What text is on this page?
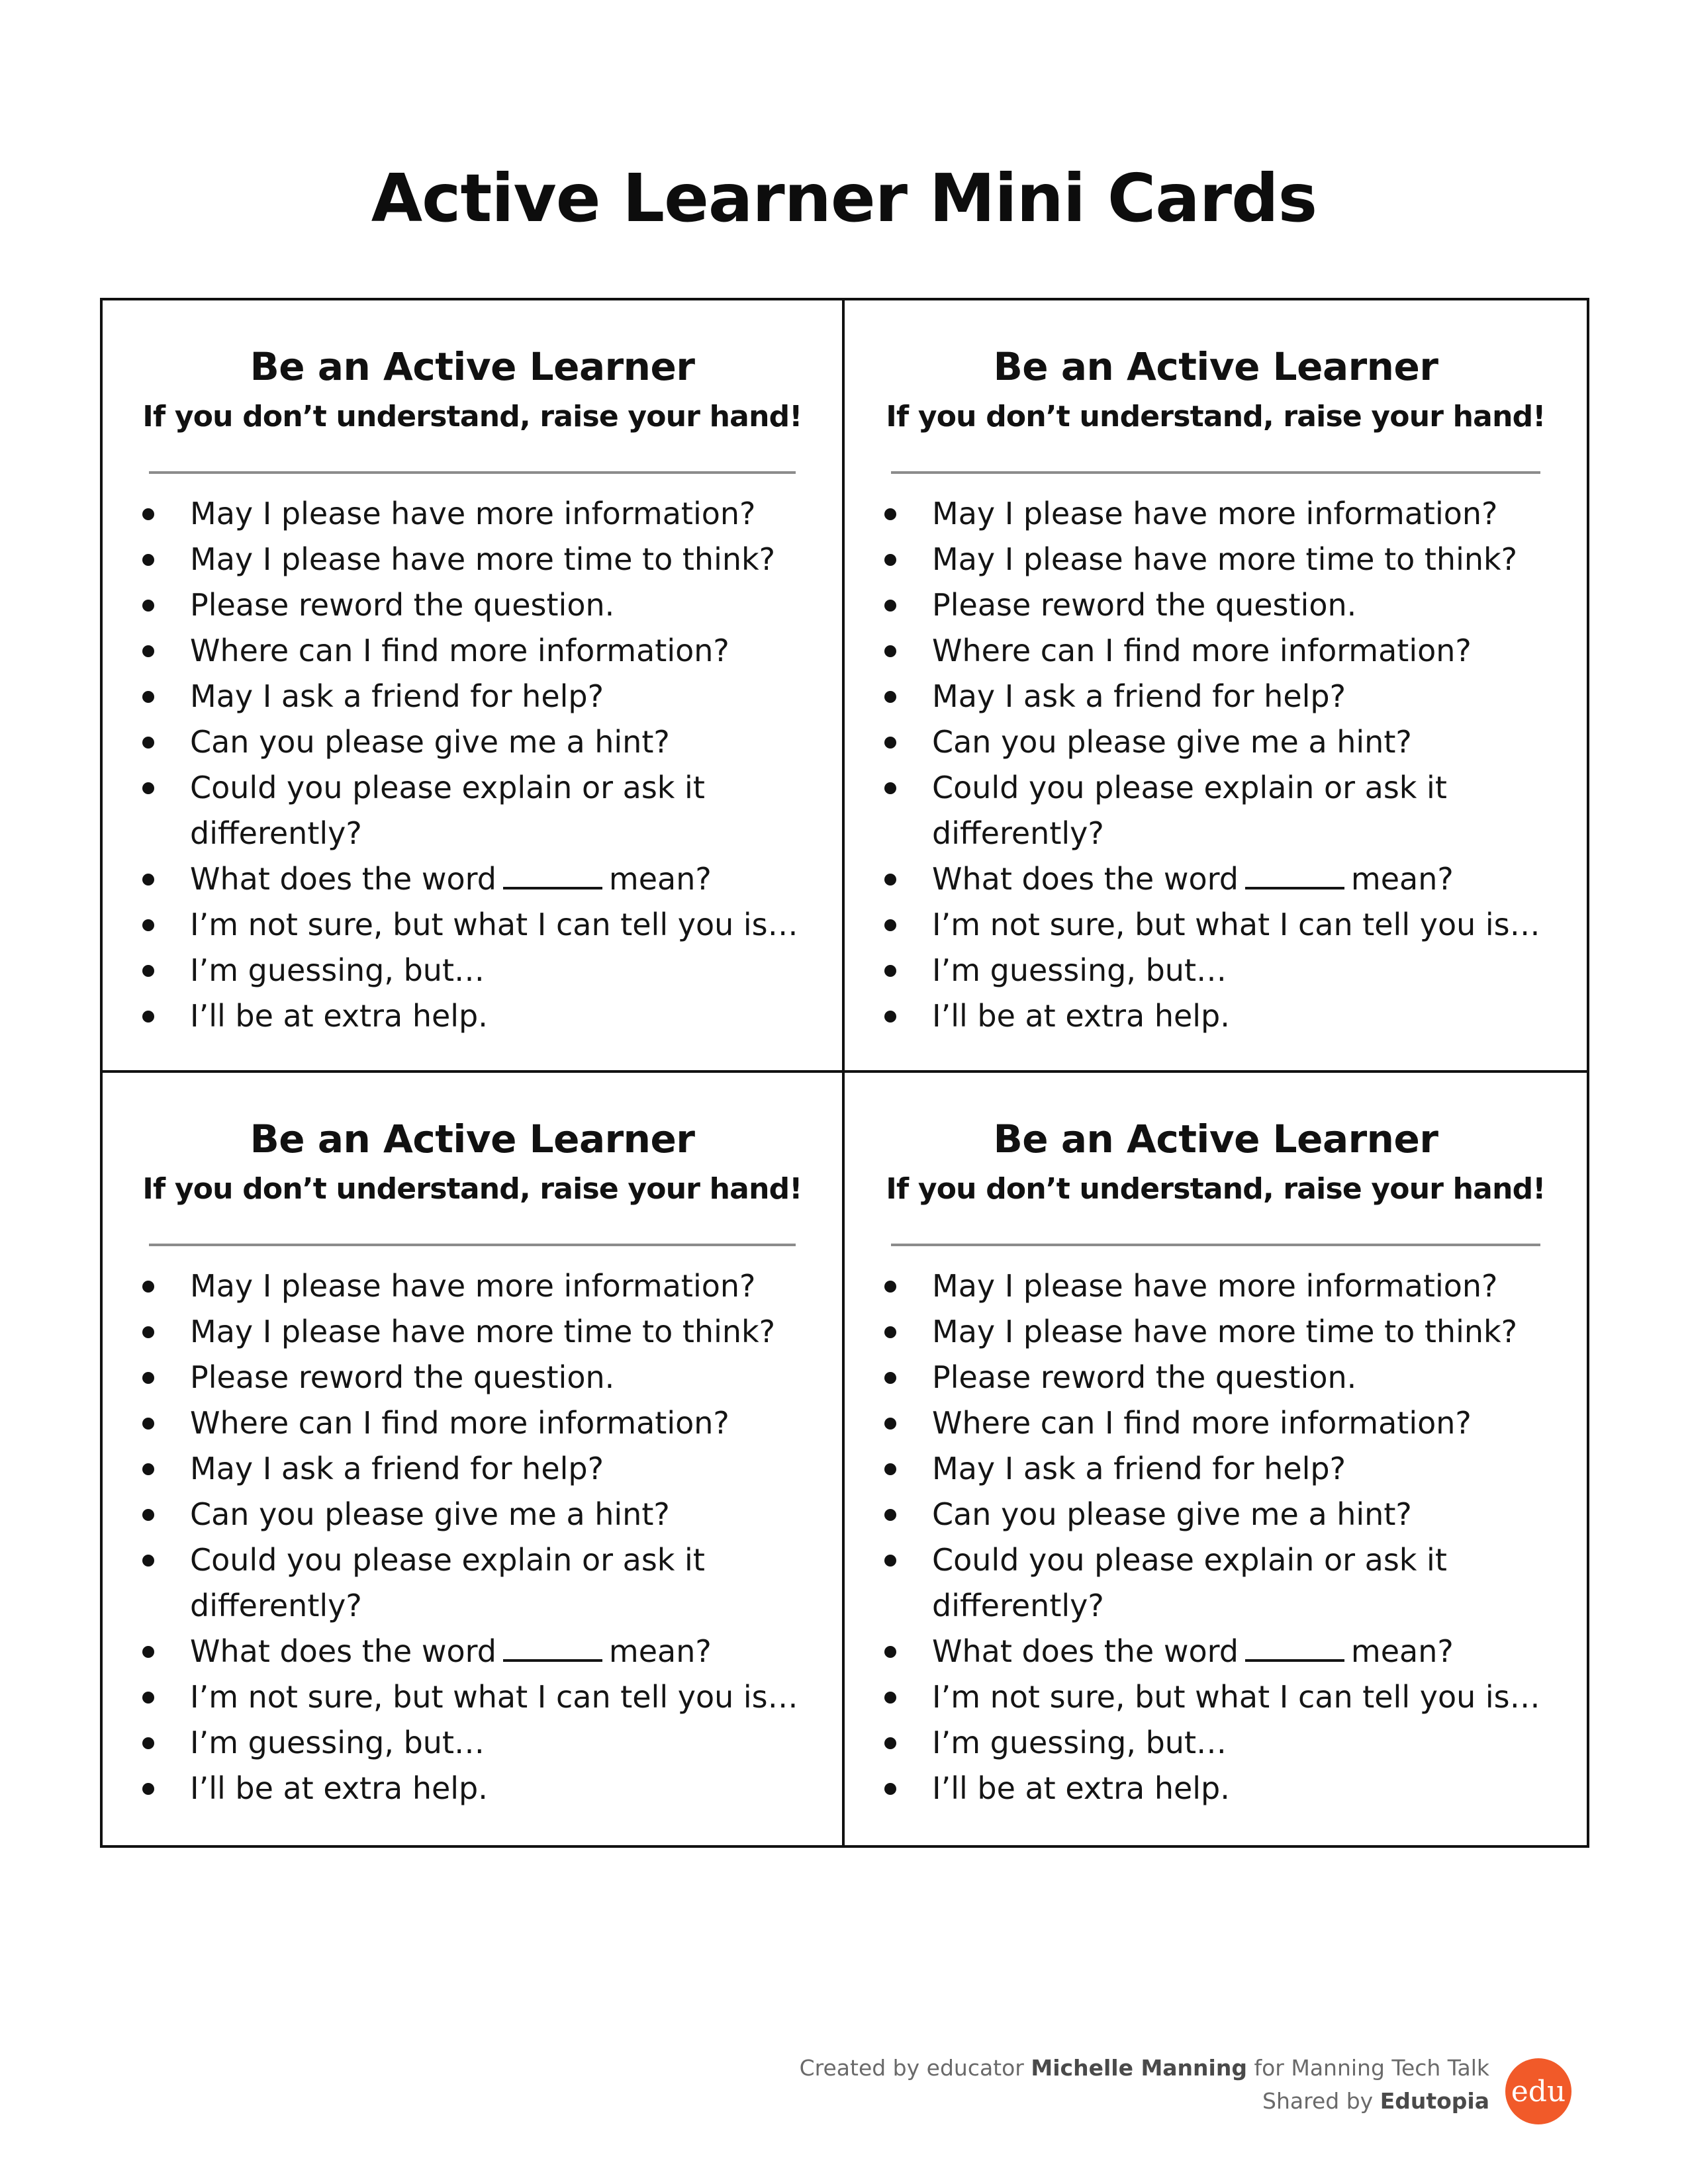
Active Learner Mini Cards
Be an Active Learner
If you don’t understand, raise your hand!
May I please have more information?
May I please have more time to think?
Please reword the question.
Where can I find more information?
May I ask a friend for help?
Can you please give me a hint?
Could you please explain or ask it
differently?
What does the word	mean?
I’m not sure, but what I can tell you is…
I’m guessing, but…
I’ll be at extra help.
Be an Active Learner
If you don’t understand, raise your hand!
May I please have more information?
May I please have more time to think?
Please reword the question.
Where can I find more information?
May I ask a friend for help?
Can you please give me a hint?
Could you please explain or ask it
differently?
What does the word	mean?
I’m not sure, but what I can tell you is…
I’m guessing, but…
I’ll be at extra help.
Be an Active Learner
If you don’t understand, raise your hand!
May I please have more information?
May I please have more time to think?
Please reword the question.
Where can I find more information?
May I ask a friend for help?
Can you please give me a hint?
Could you please explain or ask it
differently?
What does the word	mean?
I’m not sure, but what I can tell you is…
I’m guessing, but…
I’ll be at extra help.
Be an Active Learner
If you don’t understand, raise your hand!
May I please have more information?
May I please have more time to think?
Please reword the question.
Where can I find more information?
May I ask a friend for help?
Can you please give me a hint?
Could you please explain or ask it
differently?
What does the word	mean?
I’m not sure, but what I can tell you is…
I’m guessing, but…
I’ll be at extra help.
Created by educator Michelle Manning for Manning Tech Talk
Shared by Edutopia edu
